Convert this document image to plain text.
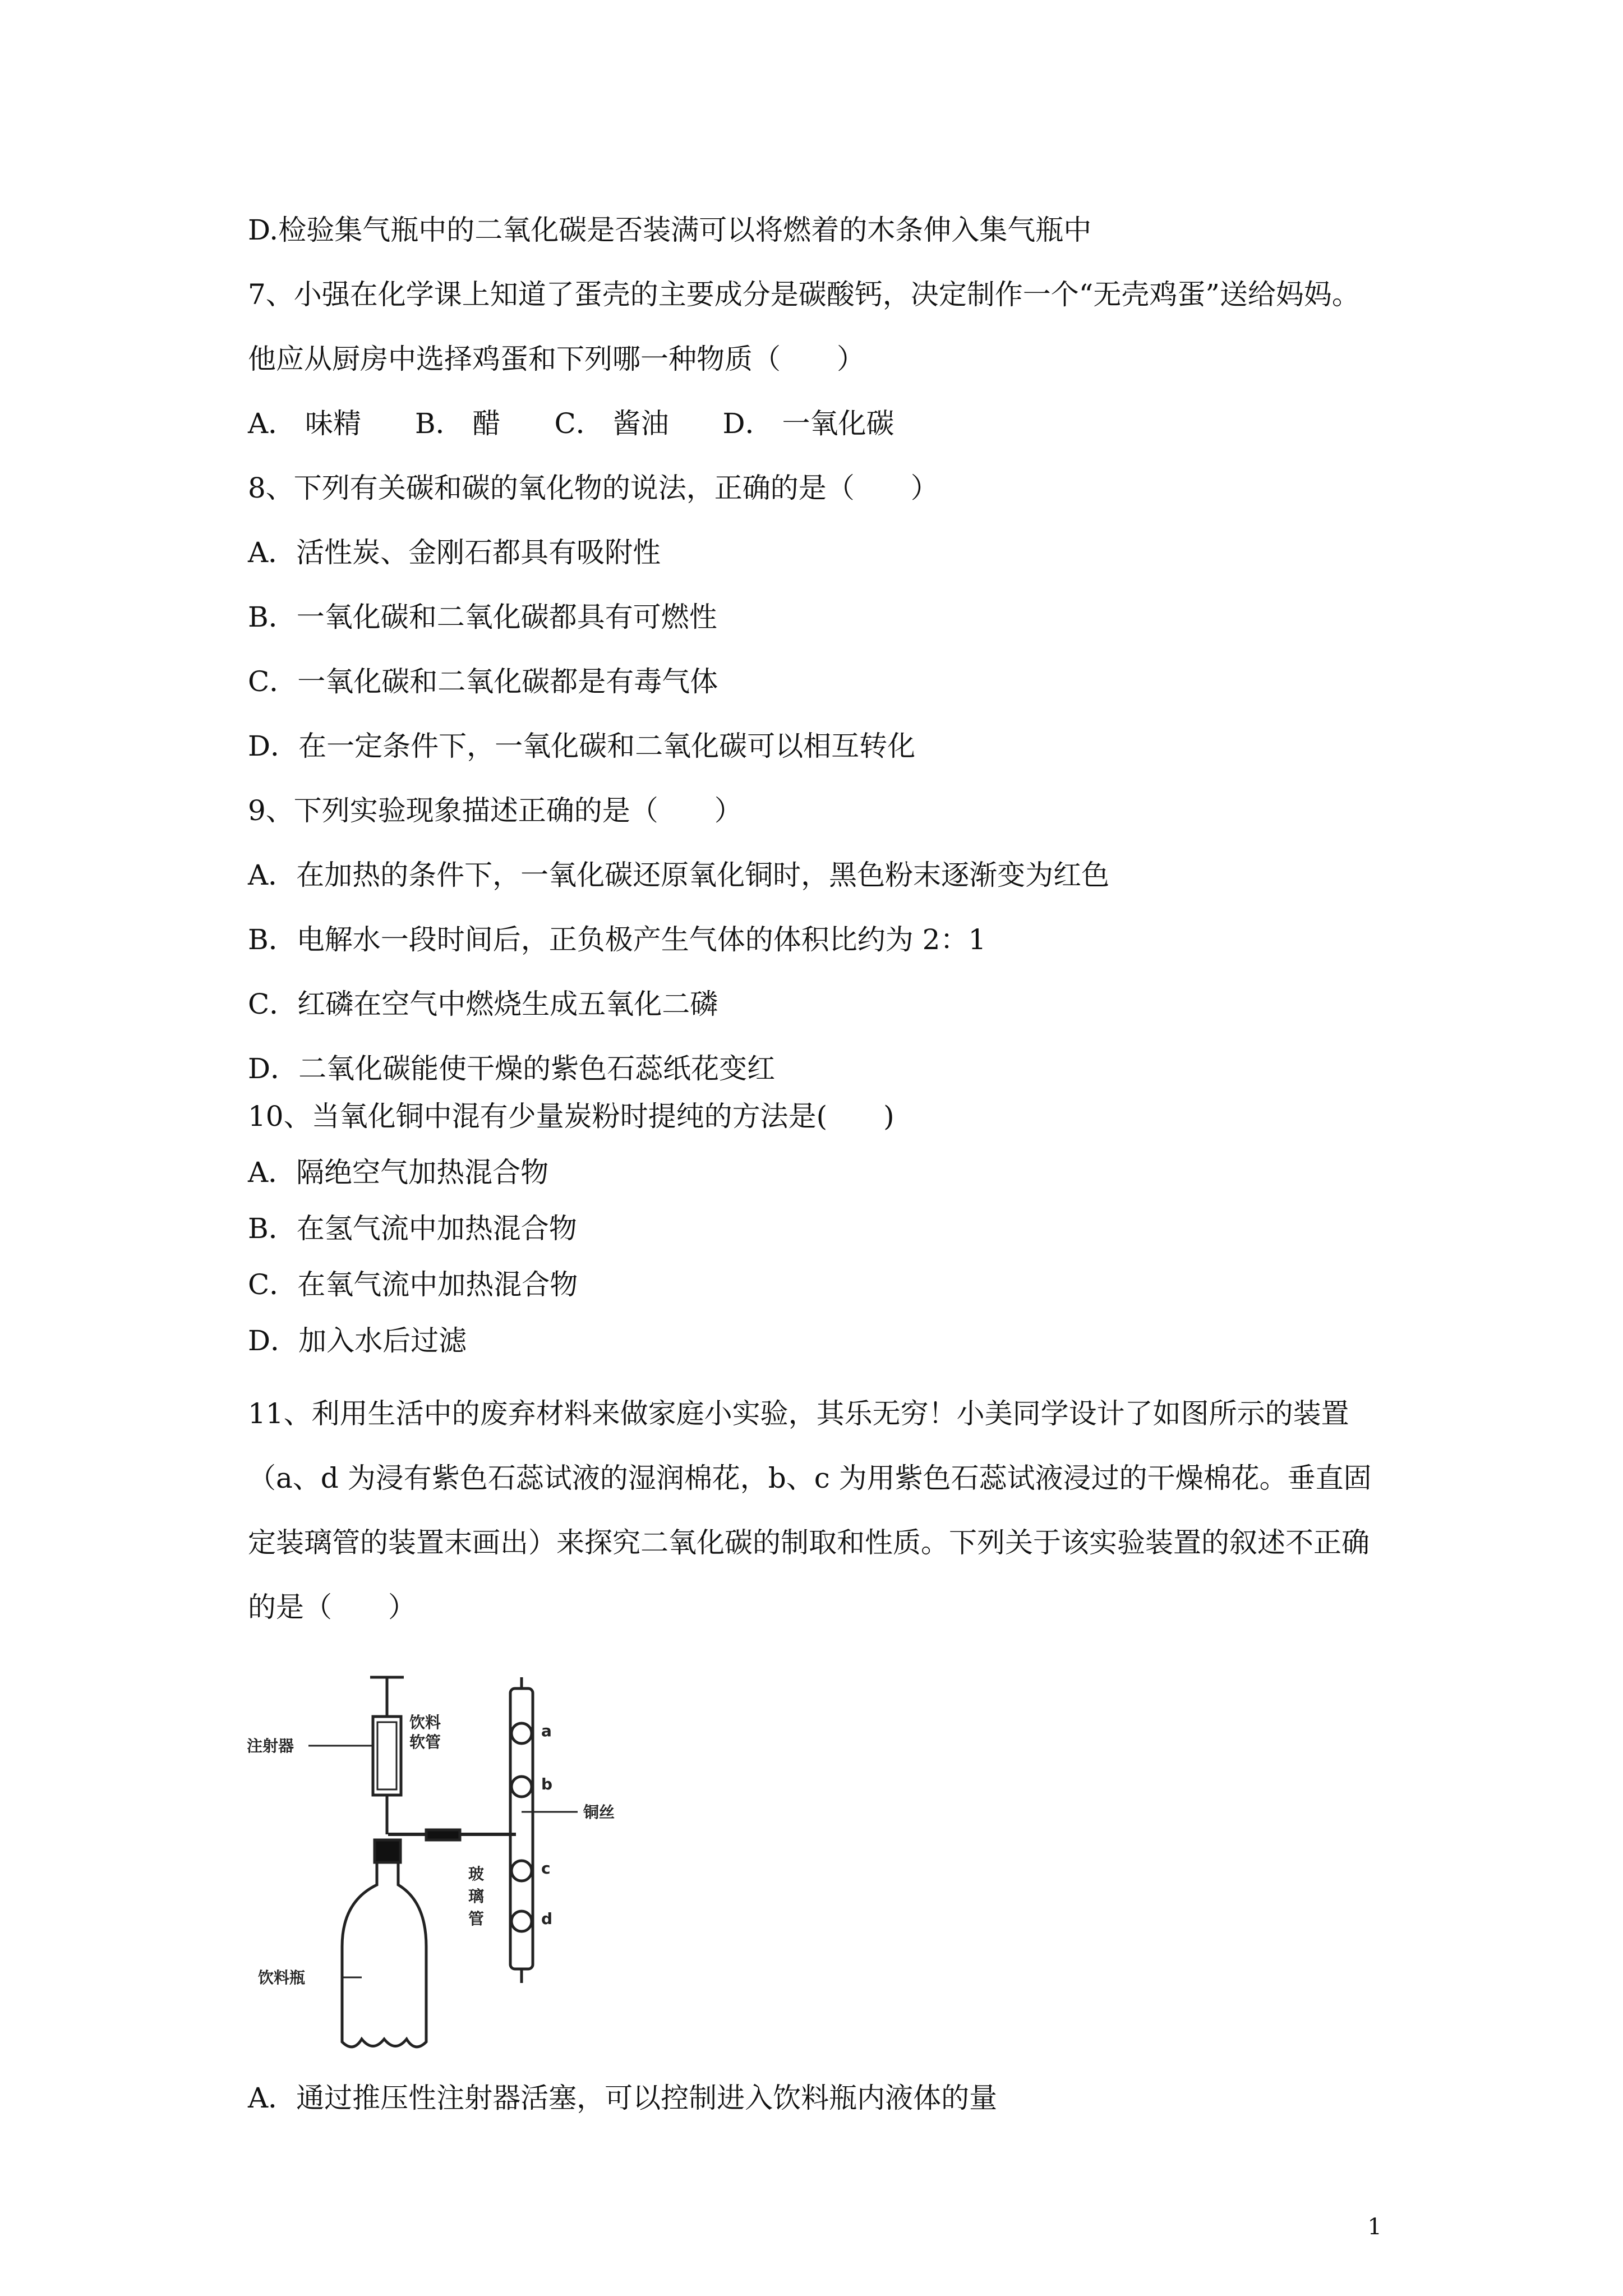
D.检验集气瓶中的二氧化碳是否装满可以将燃着的木条伸入集气瓶中
7、小强在化学课上知道了蛋壳的主要成分是碳酸钙，决定制作一个“无壳鸡蛋”送给妈妈。
他应从厨房中选择鸡蛋和下列哪一种物质（　　）
A． 味精 B． 醋 C． 酱油 D． 一氧化碳
8、下列有关碳和碳的氧化物的说法，正确的是（　　）
A．活性炭、金刚石都具有吸附性
B．一氧化碳和二氧化碳都具有可燃性
C．一氧化碳和二氧化碳都是有毒气体
D．在一定条件下，一氧化碳和二氧化碳可以相互转化
9、下列实验现象描述正确的是（　　）
A．在加热的条件下，一氧化碳还原氧化铜时，黑色粉末逐渐变为红色
B．电解水一段时间后，正负极产生气体的体积比约为 2：1
C．红磷在空气中燃烧生成五氧化二磷
D．二氧化碳能使干燥的紫色石蕊纸花变红
10、当氧化铜中混有少量炭粉时提纯的方法是(　　)
A．隔绝空气加热混合物
B．在氢气流中加热混合物
C．在氧气流中加热混合物
D．加入水后过滤
11、利用生活中的废弃材料来做家庭小实验，其乐无穷！小美同学设计了如图所示的装置
（a、d 为浸有紫色石蕊试液的湿润棉花，b、c 为用紫色石蕊试液浸过的干燥棉花。垂直固
定装璃管的装置末画出）来探究二氧化碳的制取和性质。下列关于该实验装置的叙述不正确
的是（　　）
注射器
饮料
软管
饮料瓶
玻
璃
管
铜丝
a
b
c
d
A．通过推压性注射器活塞，可以控制进入饮料瓶内液体的量
1
